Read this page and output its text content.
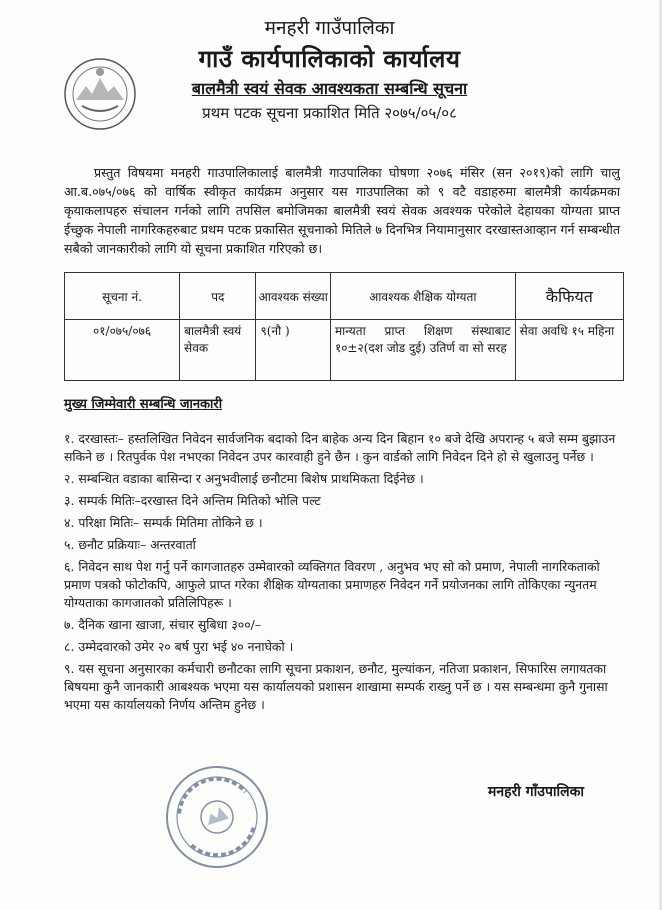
मनहरी गाउँपालिका
गाउँ कार्यपालिकाको कार्यालय
बालमैत्री स्वयं सेवक आवश्यकता सम्बन्धि सूचना
प्रथम पटक सूचना प्रकाशित मिति २०७५/०५/०८

प्रस्तुत विषयमा मनहरी गाउपालिकालाई बालमैत्री गाउपालिका घोषणा २०७६ मंसिर (सन २०१९)को लागि चालु आ.ब.०७५/०७६ को वार्षिक स्वीकृत कार्यक्रम अनुसार यस गाउपालिका को ९ वटै वडाहरुमा बालमैत्री कार्यक्रमका कृयाकलापहरु संचालन गर्नको लागि तपसिल बमोजिमका बालमैत्री स्वयं सेवक अवश्यक परेकोले देहायका योग्यता प्राप्त ईच्छुक नेपाली नागरिकहरुबाट प्रथम पटक प्रकासित सूचनाको मितिले ७ दिनभित्र नियामानुसार दरखास्तआव्हान गर्न सम्बन्धीत सबैको जानकारीको लागि यो सूचना प्रकाशित गरिएको छ।

सूचना नं.	पद	आवश्यक संख्या	आवश्यक शैक्षिक योग्यता	कैफियत
०१/०७५/०७६	बालमैत्री स्वयं सेवक	९(नौ )	मान्यता प्राप्त शिक्षण संस्थाबाट १०±२(दश जोड दुई) उतिर्ण वा सो सरह	सेवा अवधि १५ महिना
मुख्य जिम्मेवारी सम्बन्धि जानकारी
१. दरखास्तः– हस्तलिखित निवेदन सार्वजनिक बदाको दिन बाहेक अन्य दिन बिहान १० बजे देखि अपरान्ह ५ बजे सम्म बुझाउन सकिने छ । रितपुर्वक पेश नभएका निवेदन उपर कारवाही हुने छैन । कुन वार्डको लागि निवेदन दिने हो से खुलाउनु पर्नेछ ।
२. सम्बन्धित वडाका बासिन्दा र अनुभवीलाई छनौटमा बिशेष प्राथमिकता दिईनेछ ।
३. सम्पर्क मितिः–दरखास्त दिने अन्तिम मितिको भोलि पल्ट
४. परिक्षा मितिः– सम्पर्क मितिमा तोकिने छ ।
५. छनौट प्रक्रियाः– अन्तरवार्ता
६. निवेदन साथ पेश गर्नु पर्ने कागजातहरु उम्मेवारको व्यक्तिगत विवरण , अनुभव भए सो को प्रमाण, नेपाली नागरिकताको प्रमाण पत्रको फोटोकपि, आफुले प्राप्त गरेका शैक्षिक योग्यताका प्रमाणहरु निवेदन गर्ने प्रयोजनका लागि तोकिएका न्युनतम योग्यताका कागजातको प्रतिलिपिहरू ।
७. दैनिक खाना खाजा, संचार सुबिधा ३००/–
८. उम्मेदवारको उमेर २० बर्ष पुरा भई ४० ननाघेको ।
९. यस सूचना अनुसारका कर्मचारी छनौटका लागि सूचना प्रकाशन, छनौट, मुल्यांकन, नतिजा प्रकाशन, सिफारिस लगायतका बिषयमा कुनै जानकारी आबश्यक भएमा यस कार्यालयको प्रशासन शाखामा सम्पर्क राख्नु पर्ने छ । यस सम्बन्धमा कुनै गुनासा भएमा यस कार्यालयको निर्णय अन्तिम हुनेछ ।
मनहरी गाँउपालिका
